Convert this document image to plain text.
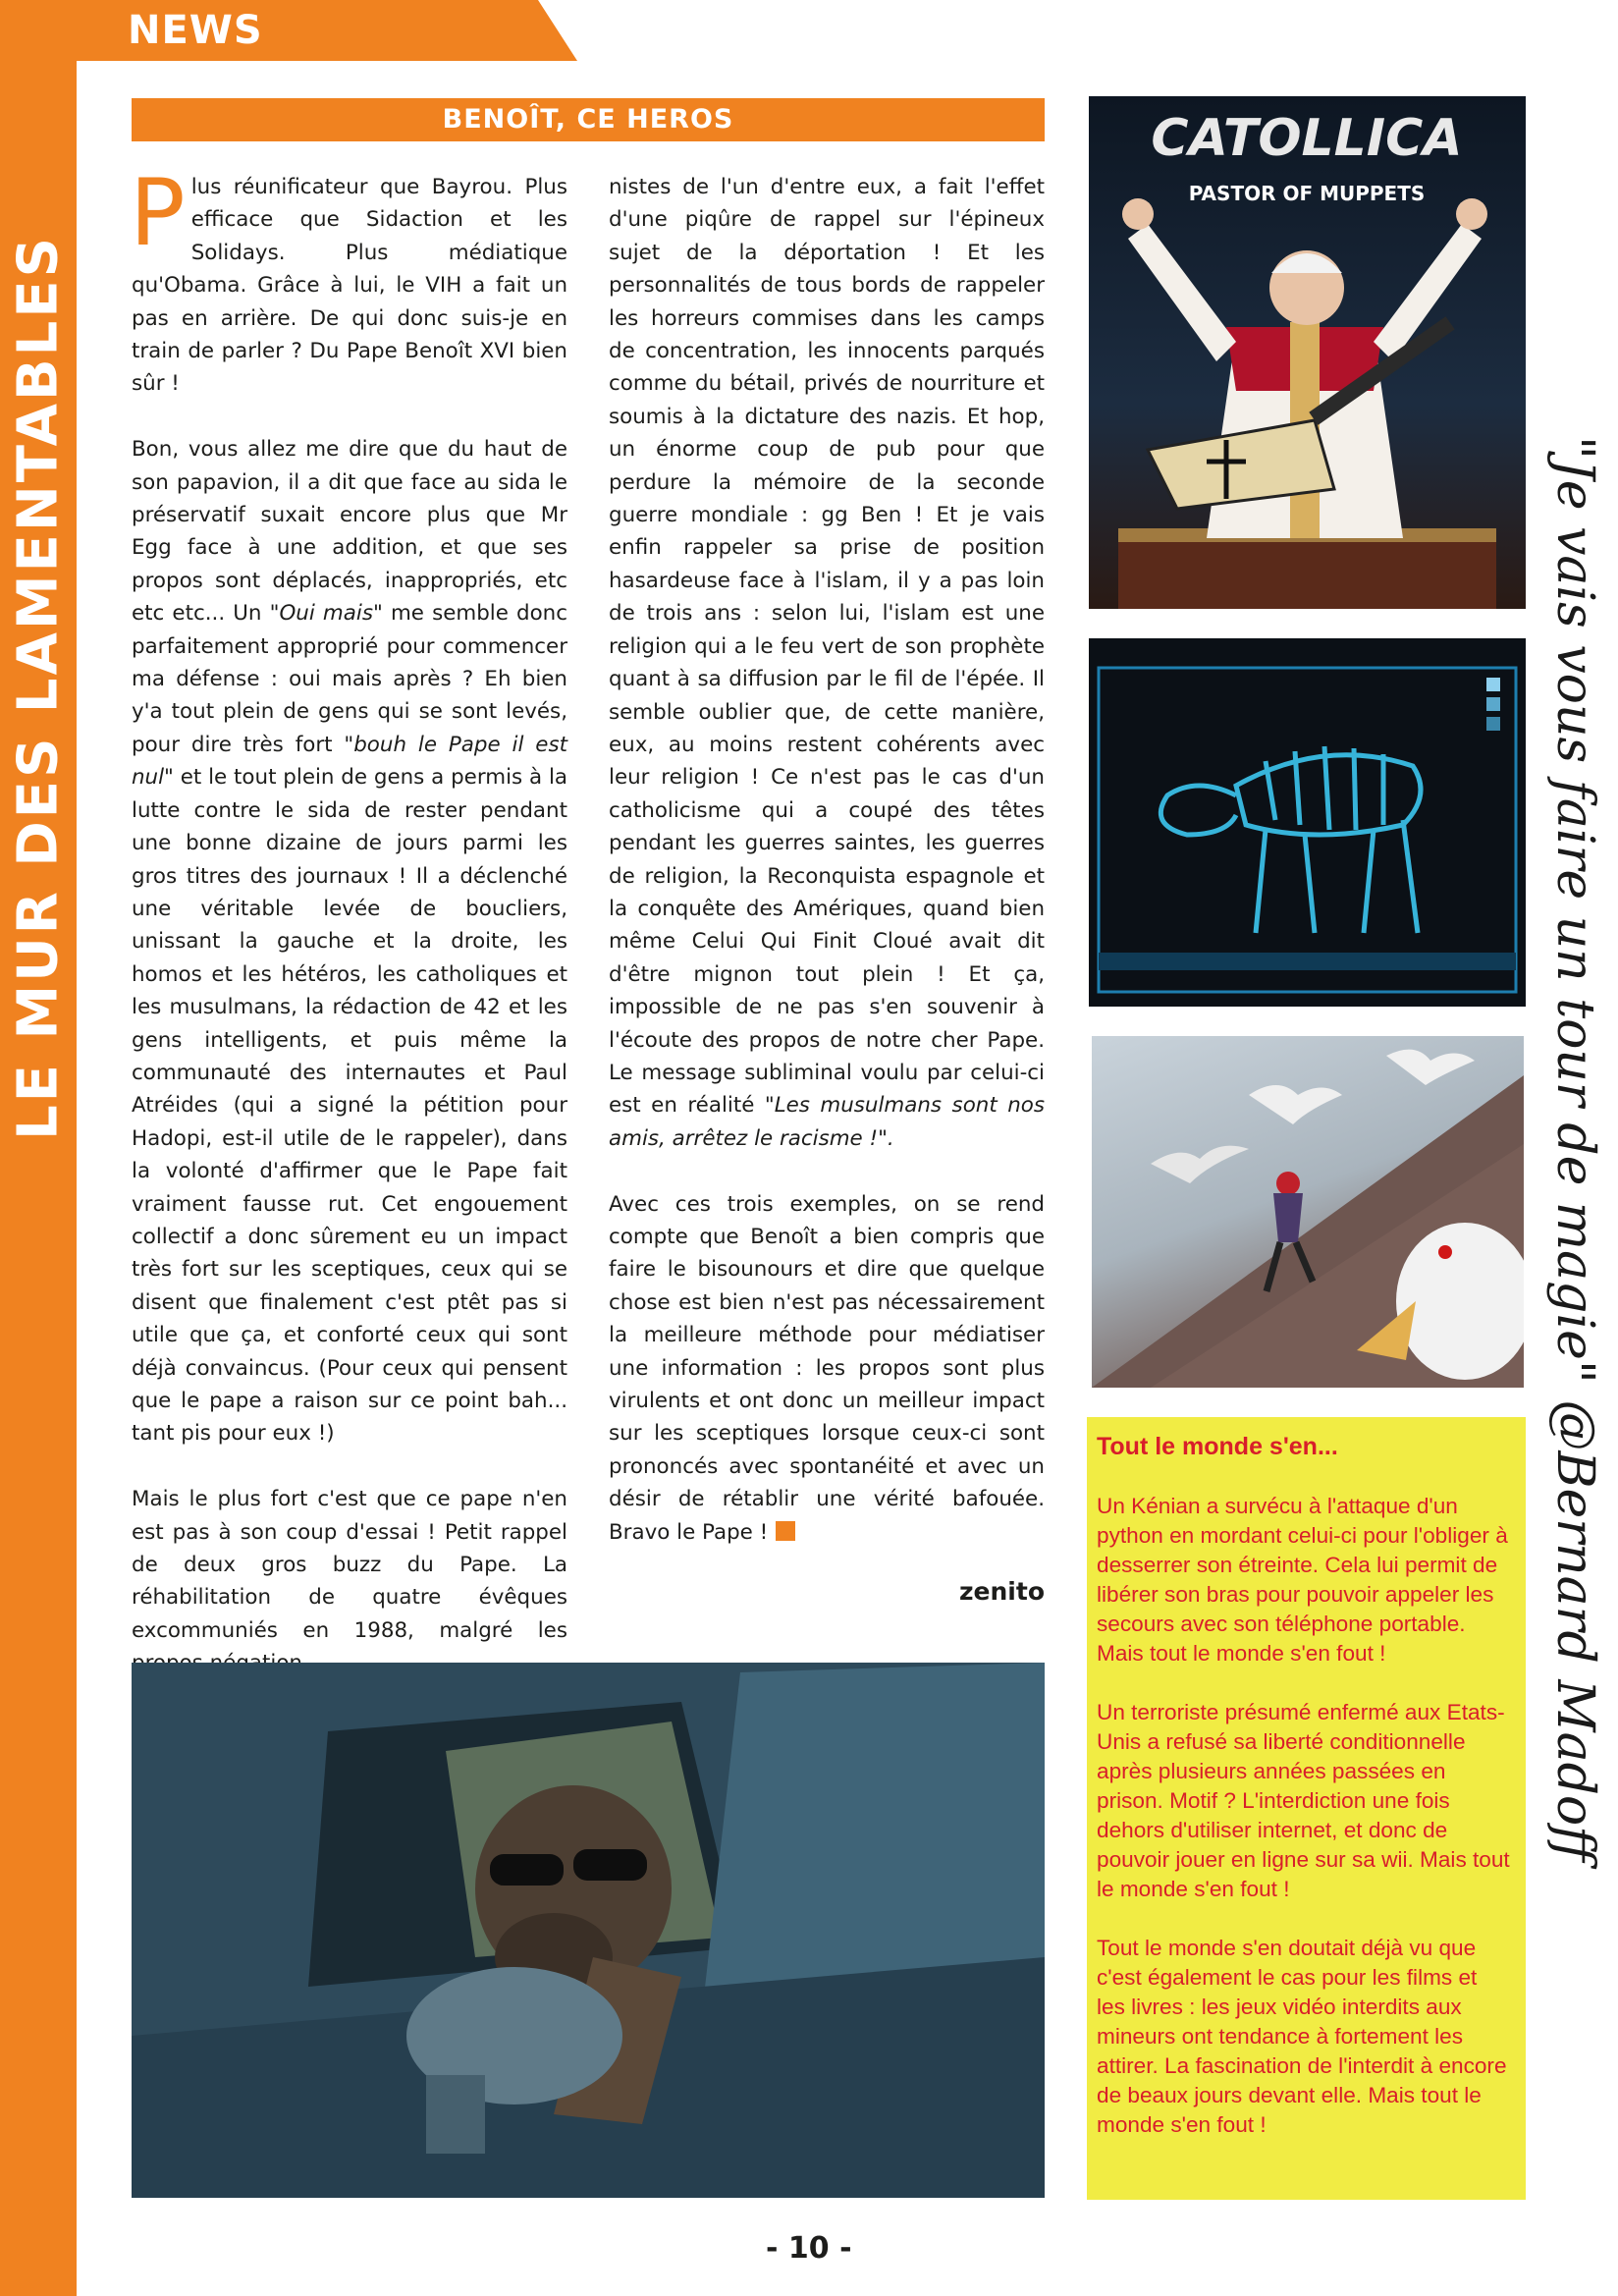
LE MUR DES LAMENTABLES
NEWS
BENOÎT, CE HEROS

Plus réunificateur que Bayrou. Plus efficace que Sidaction et les Solidays. Plus médiatique qu'Obama. Grâce à lui, le VIH a fait un pas en arrière. De qui donc suis-je en train de parler ? Du Pape Benoît XVI bien sûr !

Bon, vous allez me dire que du haut de son papavion, il a dit que face au sida le préservatif suxait encore plus que Mr Egg face à une addition, et que ses propos sont déplacés, inappropriés, etc etc etc... Un "Oui mais" me semble donc parfaitement approprié pour commencer ma défense : oui mais après ? Eh bien y'a tout plein de gens qui se sont levés, pour dire très fort "bouh le Pape il est nul" et le tout plein de gens a permis à la lutte contre le sida de rester pendant une bonne dizaine de jours parmi les gros titres des journaux ! Il a déclenché une véritable levée de boucliers, unissant la gauche et la droite, les homos et les hétéros, les catholiques et les musulmans, la rédaction de 42 et les gens intelligents, et puis même la communauté des internautes et Paul Atréides (qui a signé la pétition pour Hadopi, est-il utile de le rappeler), dans la volonté d'affirmer que le Pape fait vraiment fausse rut. Cet engouement collectif a donc sûrement eu un impact très fort sur les sceptiques, ceux qui se disent que finalement c'est ptêt pas si utile que ça, et conforté ceux qui sont déjà convaincus. (Pour ceux qui pensent que le pape a raison sur ce point bah... tant pis pour eux !)

Mais le plus fort c'est que ce pape n'en est pas à son coup d'essai ! Petit rappel de deux gros buzz du Pape. La réhabilitation de quatre évêques excommuniés en 1988, malgré les

nistes de l'un d'entre eux, a fait l'effet d'une piqûre de rappel sur l'épineux sujet de la déportation ! Et les personnalités de tous bords de rappeler les horreurs commises dans les camps de concentration, les innocents parqués comme du bétail, privés de nourriture et soumis à la dictature des nazis. Et hop, un énorme coup de pub pour que perdure la mémoire de la seconde guerre mondiale : gg Ben ! Et je vais enfin rappeler sa prise de position hasardeuse face à l'islam, il y a pas loin de trois ans : selon lui, l'islam est une religion qui a le feu vert de son prophète quant à sa diffusion par le fil de l'épée. Il semble oublier que, de cette manière, eux, au moins restent cohérents avec leur religion ! Ce n'est pas le cas d'un catholicisme qui a coupé des têtes pendant les guerres saintes, les guerres de religion, la Reconquista espagnole et la conquête des Amériques, quand bien même Celui Qui Finit Cloué avait dit d'être mignon tout plein ! Et ça, impossible de ne pas s'en souvenir à l'écoute des propos de notre cher Pape. Le message subliminal voulu par celui-ci est en réalité "Les musulmans sont nos amis, arrêtez le racisme !".

Avec ces trois exemples, on se rend compte que Benoît a bien compris que faire le bisounours et dire que quelque chose est bien n'est pas nécessairement la meilleure méthode pour médiatiser une information : les propos sont plus virulents et ont donc un meilleur impact sur les sceptiques lorsque ceux-ci sont prononcés avec spontanéité et avec un désir de rétablir une vérité bafouée. Bravo le Pape !

zenito
CATOLLICA
PASTOR OF MUPPETS
Tout le monde s'en...

Un Kénian a survécu à l'attaque d'un python en mordant celui-ci pour l'obliger à desserrer son étreinte. Cela lui permit de libérer son bras pour pouvoir appeler les secours avec son téléphone portable. Mais tout le monde s'en fout !

Un terroriste présumé enfermé aux Etats-Unis a refusé sa liberté conditionnelle après plusieurs années passées en prison. Motif ? L'interdiction une fois dehors d'utiliser internet, et donc de pouvoir jouer en ligne sur sa wii. Mais tout le monde s'en fout !

Tout le monde s'en doutait déjà vu que c'est également le cas pour les films et les livres : les jeux vidéo interdits aux mineurs ont tendance à fortement les attirer. La fascination de l'interdit à encore de beaux jours devant elle. Mais tout le monde s'en fout !

"Je vais vous faire un tour de magie" @Bernard Madoff
- 10 -
